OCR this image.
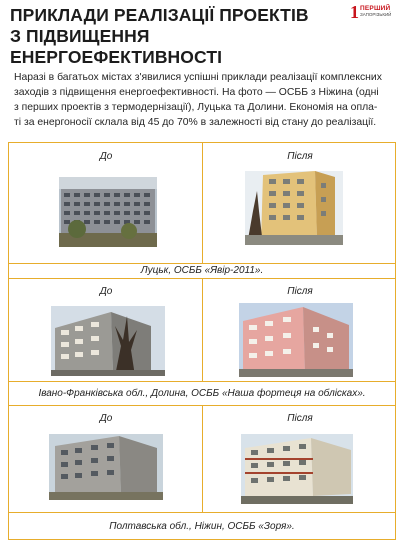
ПРИКЛАДИ РЕАЛІЗАЦІЇ ПРОЕКТІВ
З ПІДВИЩЕННЯ ЕНЕРГОЕФЕКТИВНОСТІ
1 ПЕРШИЙ
ЗАПОРІЗЬКИЙ
Наразі в багатьох містах з'явилися успішні приклади реалізації комплексних
заходів з підвищення енергоефективності. На фото — ОСББ з Ніжина (одні
з перших проектів з термодернізації), Луцька та Долини. Економія на опла-
ті за енергоносії склала від 45 до 70% в залежності від стану до реалізації.
До	Після
Луцьк, ОСББ «Явір-2011».
До	Після
Івано-Франківська обл., Долина, ОСББ «Наша фортеця на облісках».
До	Після
Полтавська обл., Ніжин, ОСББ «Зоря».
